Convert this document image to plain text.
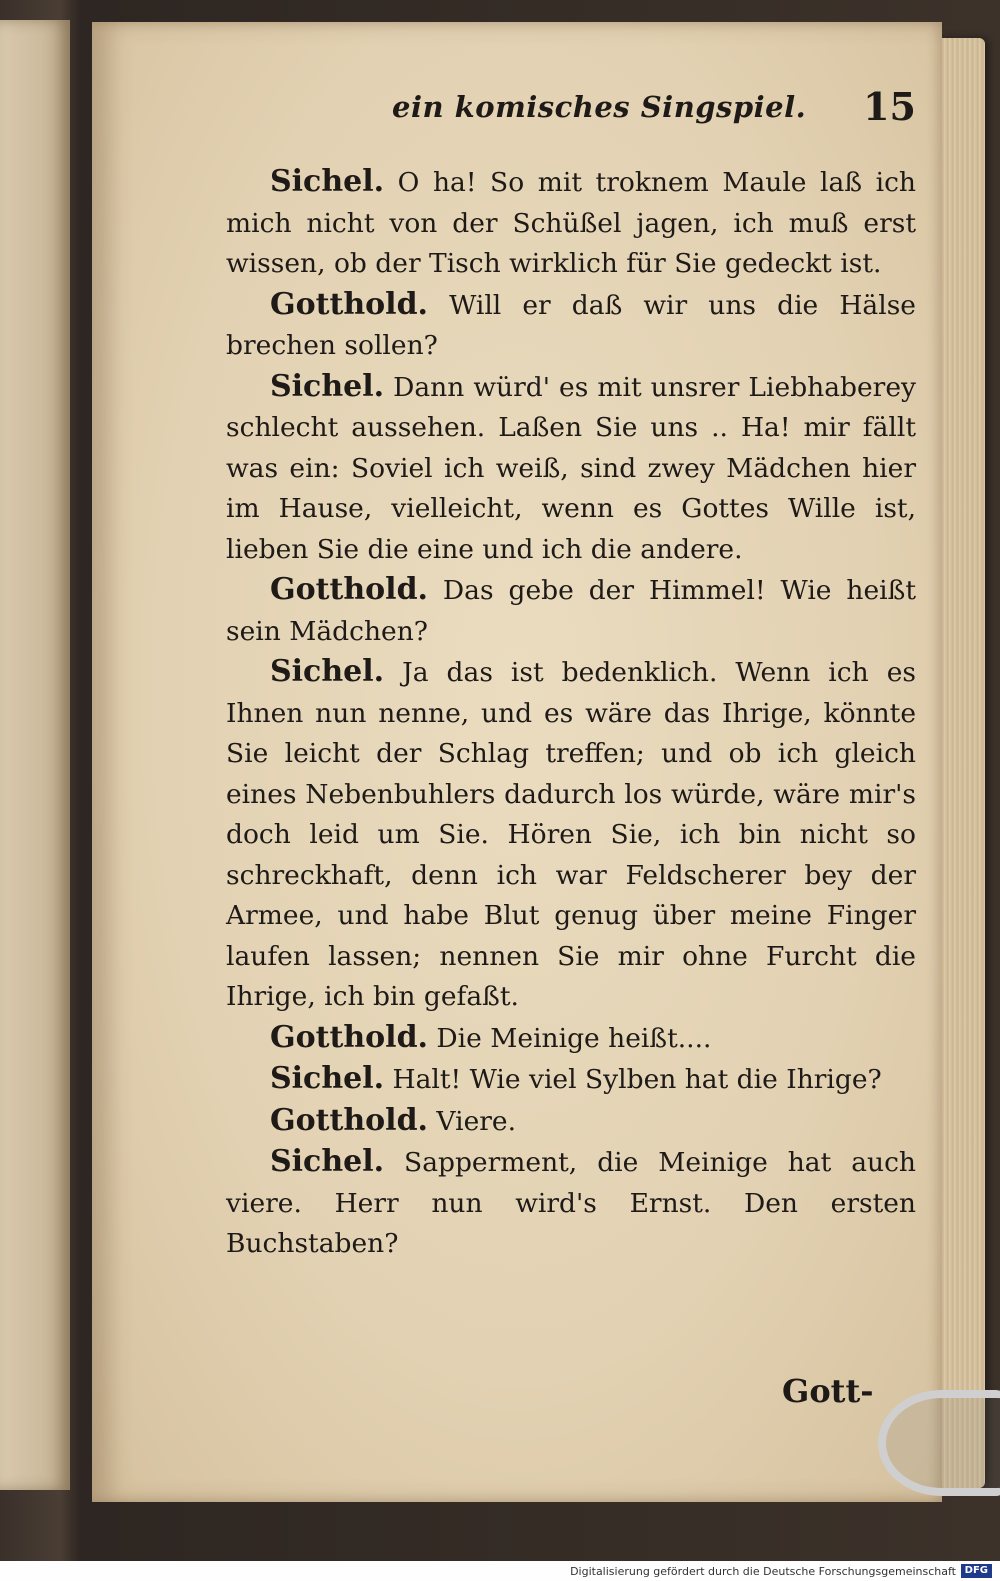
ein komisches Singspiel. 15

Sichel. O ha! So mit troknem Maule laß ich mich nicht von der Schüßel jagen, ich muß erst wissen, ob der Tisch wirklich für Sie gedeckt ist.

Gotthold. Will er daß wir uns die Hälse brechen sollen?

Sichel. Dann würd' es mit unsrer Liebhaberey schlecht aussehen. Laßen Sie uns .. Ha! mir fällt was ein: Soviel ich weiß, sind zwey Mädchen hier im Hause, vielleicht, wenn es Gottes Wille ist, lieben Sie die eine und ich die andere.

Gotthold. Das gebe der Himmel! Wie heißt sein Mädchen?

Sichel. Ja das ist bedenklich. Wenn ich es Ihnen nun nenne, und es wäre das Ihrige, könnte Sie leicht der Schlag treffen; und ob ich gleich eines Nebenbuhlers dadurch los würde, wäre mir's doch leid um Sie. Hören Sie, ich bin nicht so schreckhaft, denn ich war Feldscherer bey der Armee, und habe Blut genug über meine Finger laufen lassen; nennen Sie mir ohne Furcht die Ihrige, ich bin gefaßt.

Gotthold. Die Meinige heißt....

Sichel. Halt! Wie viel Sylben hat die Ihrige?

Gotthold. Viere.

Sichel. Sapperment, die Meinige hat auch viere. Herr nun wird's Ernst. Den ersten Buchstaben?

Gott-
Digitalisierung gefördert durch die Deutsche Forschungsgemeinschaft DFG
